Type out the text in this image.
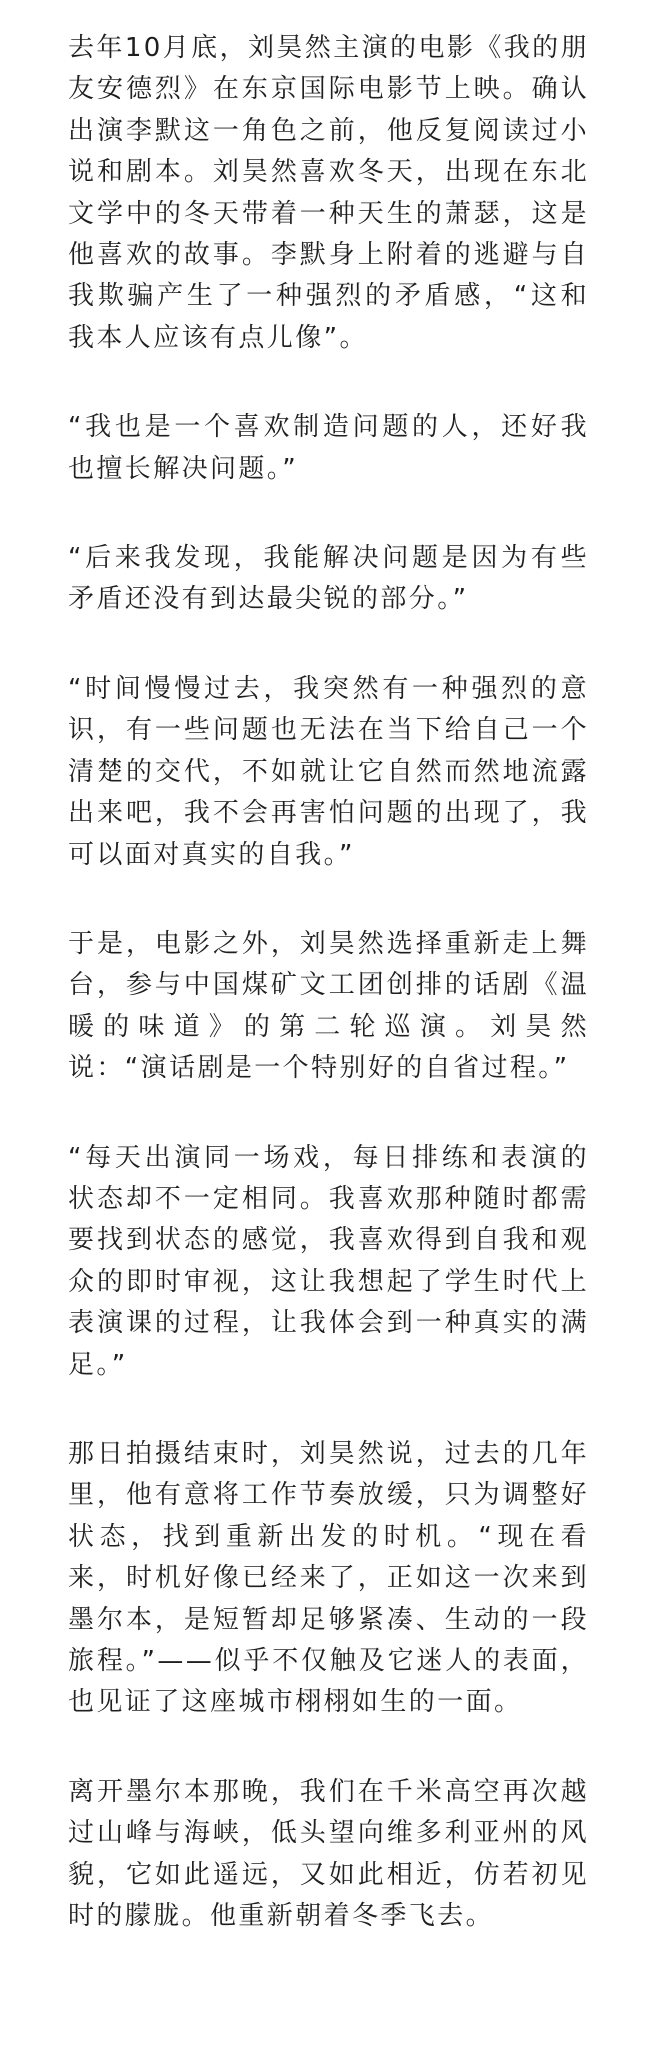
去年10月底，刘昊然主演的电影《我的朋友安德烈》在东京国际电影节上映。确认出演李默这一角色之前，他反复阅读过小说和剧本。刘昊然喜欢冬天，出现在东北文学中的冬天带着一种天生的萧瑟，这是他喜欢的故事。李默身上附着的逃避与自我欺骗产生了一种强烈的矛盾感，“这和我本人应该有点儿像”。

“我也是一个喜欢制造问题的人，还好我也擅长解决问题。”

“后来我发现，我能解决问题是因为有些矛盾还没有到达最尖锐的部分。”

“时间慢慢过去，我突然有一种强烈的意识，有一些问题也无法在当下给自己一个清楚的交代，不如就让它自然而然地流露出来吧，我不会再害怕问题的出现了，我可以面对真实的自我。”

于是，电影之外，刘昊然选择重新走上舞台，参与中国煤矿文工团创排的话剧《温暖的味道》的第二轮巡演。刘昊然说：“演话剧是一个特别好的自省过程。”

“每天出演同一场戏，每日排练和表演的状态却不一定相同。我喜欢那种随时都需要找到状态的感觉，我喜欢得到自我和观众的即时审视，这让我想起了学生时代上表演课的过程，让我体会到一种真实的满足。”

那日拍摄结束时，刘昊然说，过去的几年里，他有意将工作节奏放缓，只为调整好状态，找到重新出发的时机。“现在看来，时机好像已经来了，正如这一次来到墨尔本，是短暂却足够紧凑、生动的一段旅程。”——似乎不仅触及它迷人的表面，也见证了这座城市栩栩如生的一面。

离开墨尔本那晚，我们在千米高空再次越过山峰与海峡，低头望向维多利亚州的风貌，它如此遥远，又如此相近，仿若初见时的朦胧。他重新朝着冬季飞去。
